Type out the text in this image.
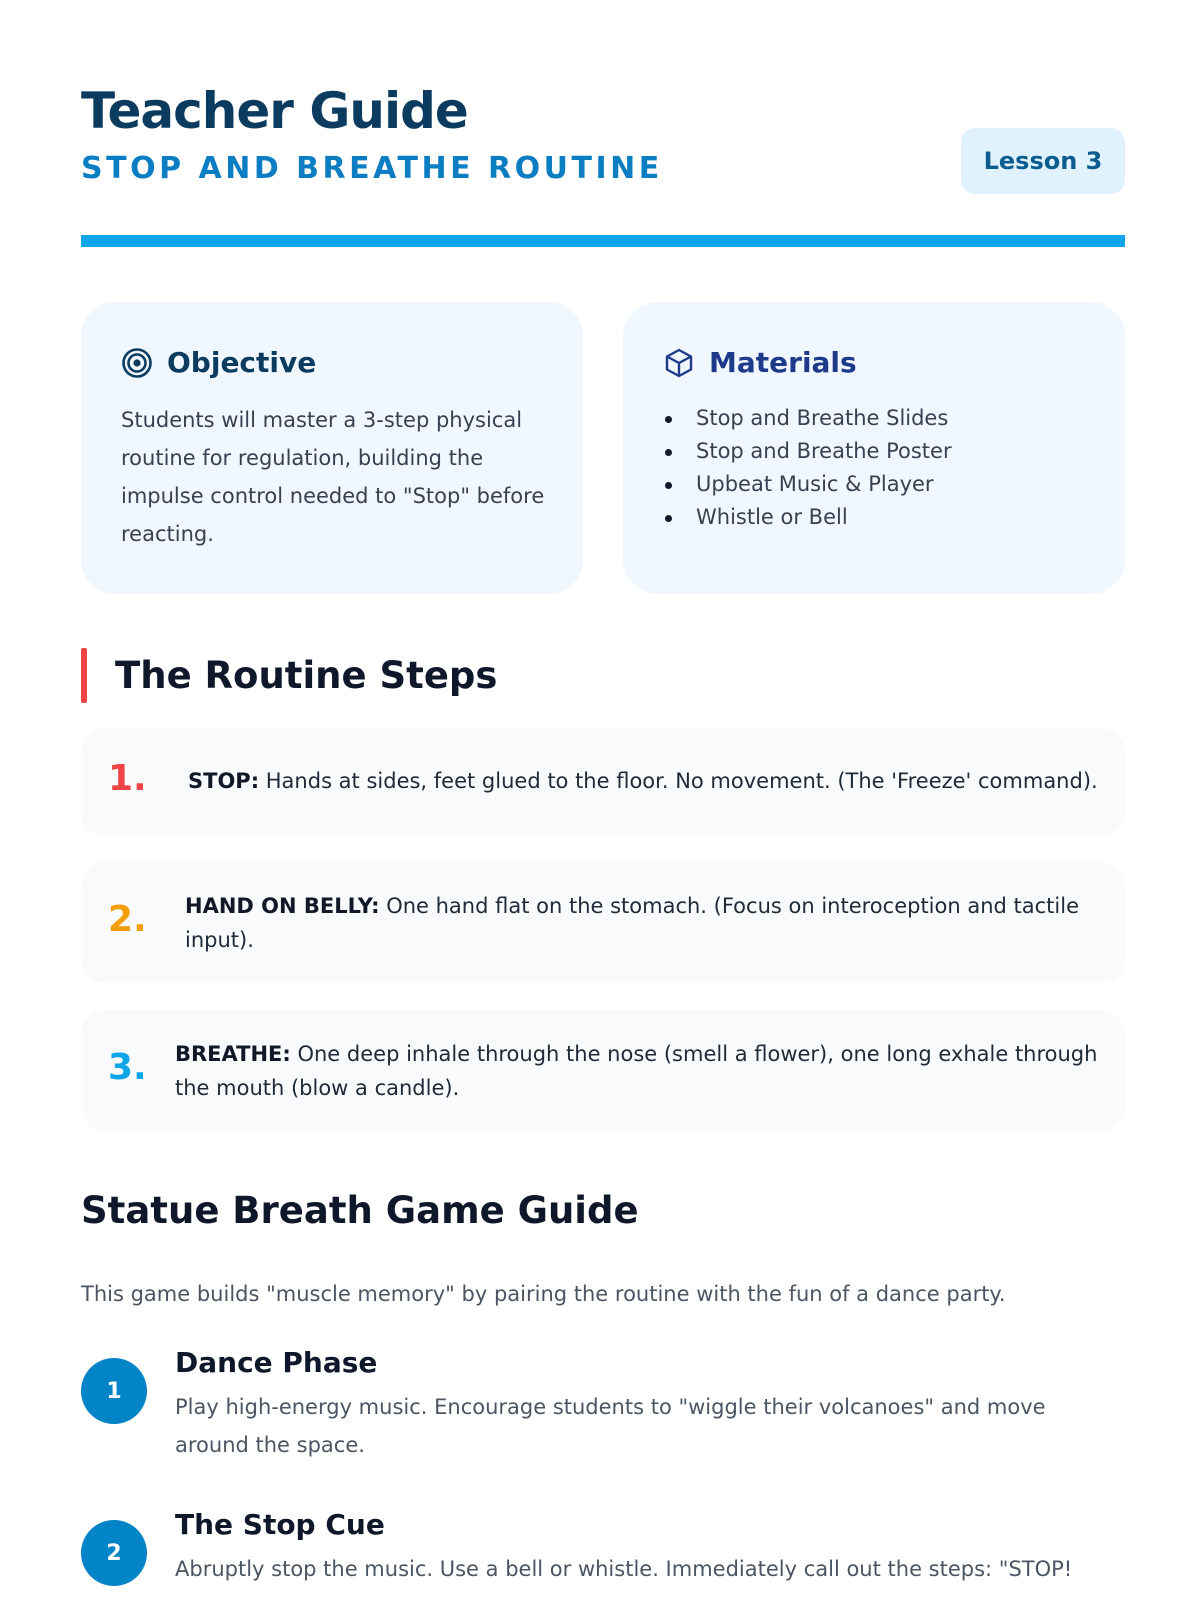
Teacher Guide
STOP AND BREATHE ROUTINE	Lesson 3
Objective

Students will master a 3-step physical routine for regulation, building the impulse control needed to "Stop" before reacting.

Materials
Stop and Breathe Slides
Stop and Breathe Poster
Upbeat Music & Player
Whistle or Bell
The Routine Steps
1. STOP: Hands at sides, feet glued to the floor. No movement. (The 'Freeze' command).

2. HAND ON BELLY: One hand flat on the stomach. (Focus on interoception and tactile input).

3. BREATHE: One deep inhale through the nose (smell a flower), one long exhale through the mouth (blow a candle).

Statue Breath Game Guide

This game builds "muscle memory" by pairing the routine with the fun of a dance party.

1
Dance Phase

Play high-energy music. Encourage students to "wiggle their volcanoes" and move around the space.

2
The Stop Cue

Abruptly stop the music. Use a bell or whistle. Immediately call out the steps: "STOP!
